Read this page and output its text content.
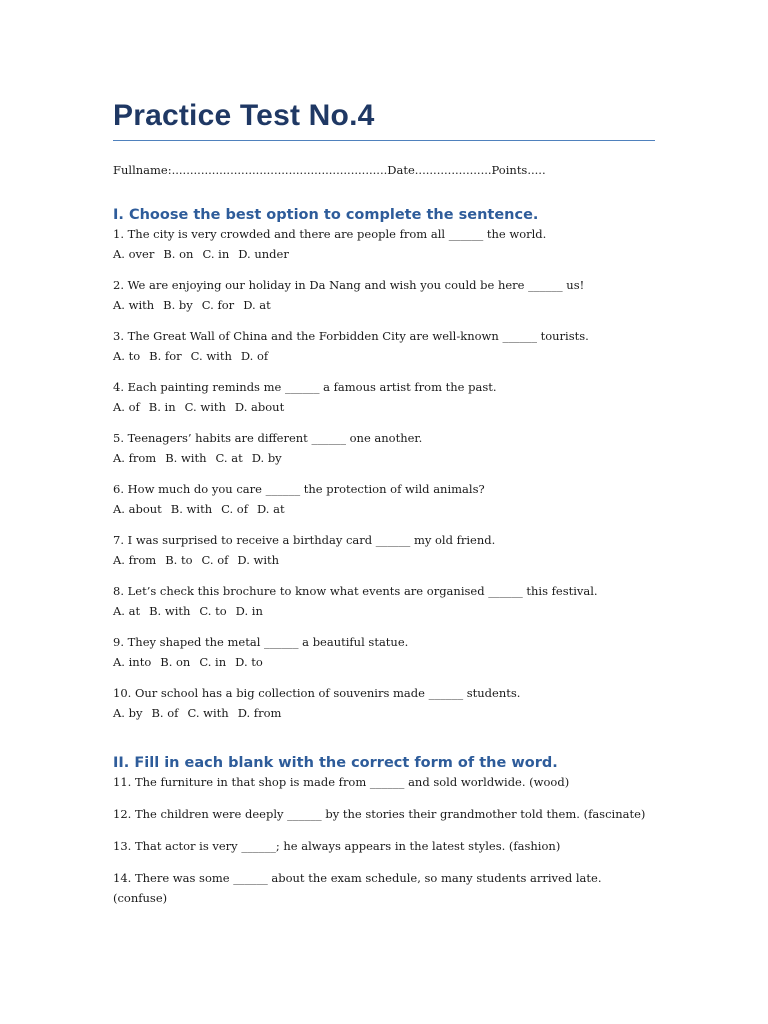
Practice Test No.4
Fullname:...........................................................Date.....................Points.....
I. Choose the best option to complete the sentence.
1. The city is very crowded and there are people from all ______ the world.
A. over B. on C. in D. under
2. We are enjoying our holiday in Da Nang and wish you could be here ______ us!
A. with B. by C. for D. at
3. The Great Wall of China and the Forbidden City are well-known ______ tourists.
A. to B. for C. with D. of
4. Each painting reminds me ______ a famous artist from the past.
A. of B. in C. with D. about
5. Teenagers’ habits are different ______ one another.
A. from B. with C. at D. by
6. How much do you care ______ the protection of wild animals?
A. about B. with C. of D. at
7. I was surprised to receive a birthday card ______ my old friend.
A. from B. to C. of D. with
8. Let’s check this brochure to know what events are organised ______ this festival.
A. at B. with C. to D. in
9. They shaped the metal ______ a beautiful statue.
A. into B. on C. in D. to
10. Our school has a big collection of souvenirs made ______ students.
A. by B. of C. with D. from
II. Fill in each blank with the correct form of the word.
11. The furniture in that shop is made from ______ and sold worldwide. (wood)
12. The children were deeply ______ by the stories their grandmother told them. (fascinate)
13. That actor is very ______; he always appears in the latest styles. (fashion)
14. There was some ______ about the exam schedule, so many students arrived late. (confuse)
